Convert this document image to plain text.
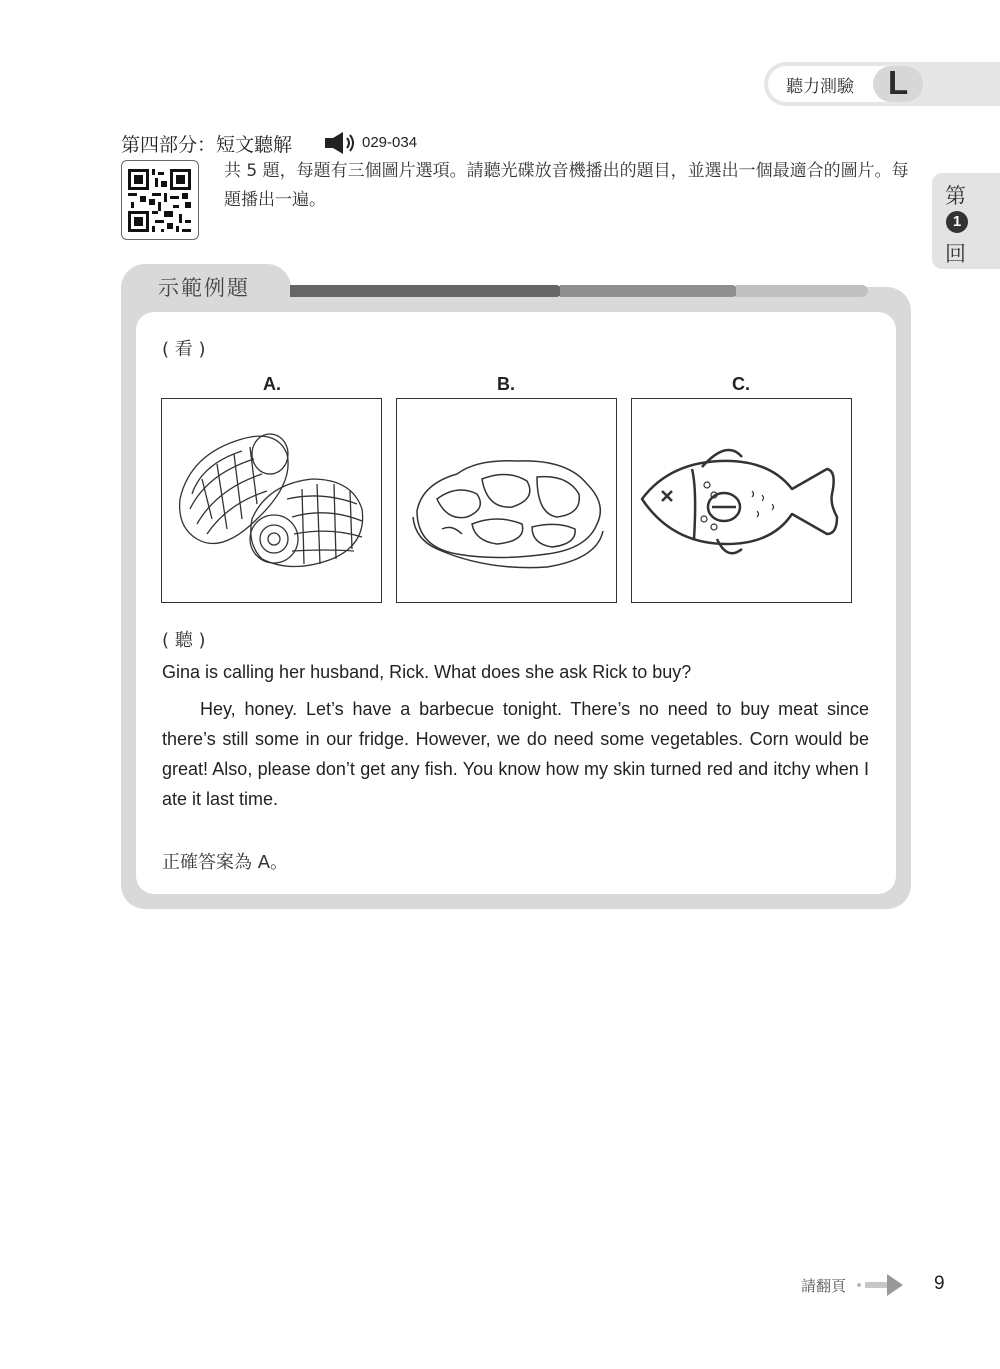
聽力測驗 L
第
1
回
第四部分：短文聽解	029-034
共 5 題，每題有三個圖片選項。請聽光碟放音機播出的題目，並選出一個最適合的圖片。每題播出一遍。
示範例題
( 看 )
A.	B.	C.
( 聽 )
Gina is calling her husband, Rick. What does she ask Rick to buy?
Hey, honey. Let’s have a barbecue tonight. There’s no need to buy meat since there’s still some in our fridge. However, we do need some vegetables. Corn would be great! Also, please don’t get any fish. You know how my skin turned red and itchy when I ate it last time.
正確答案為 A。
請翻頁	9
